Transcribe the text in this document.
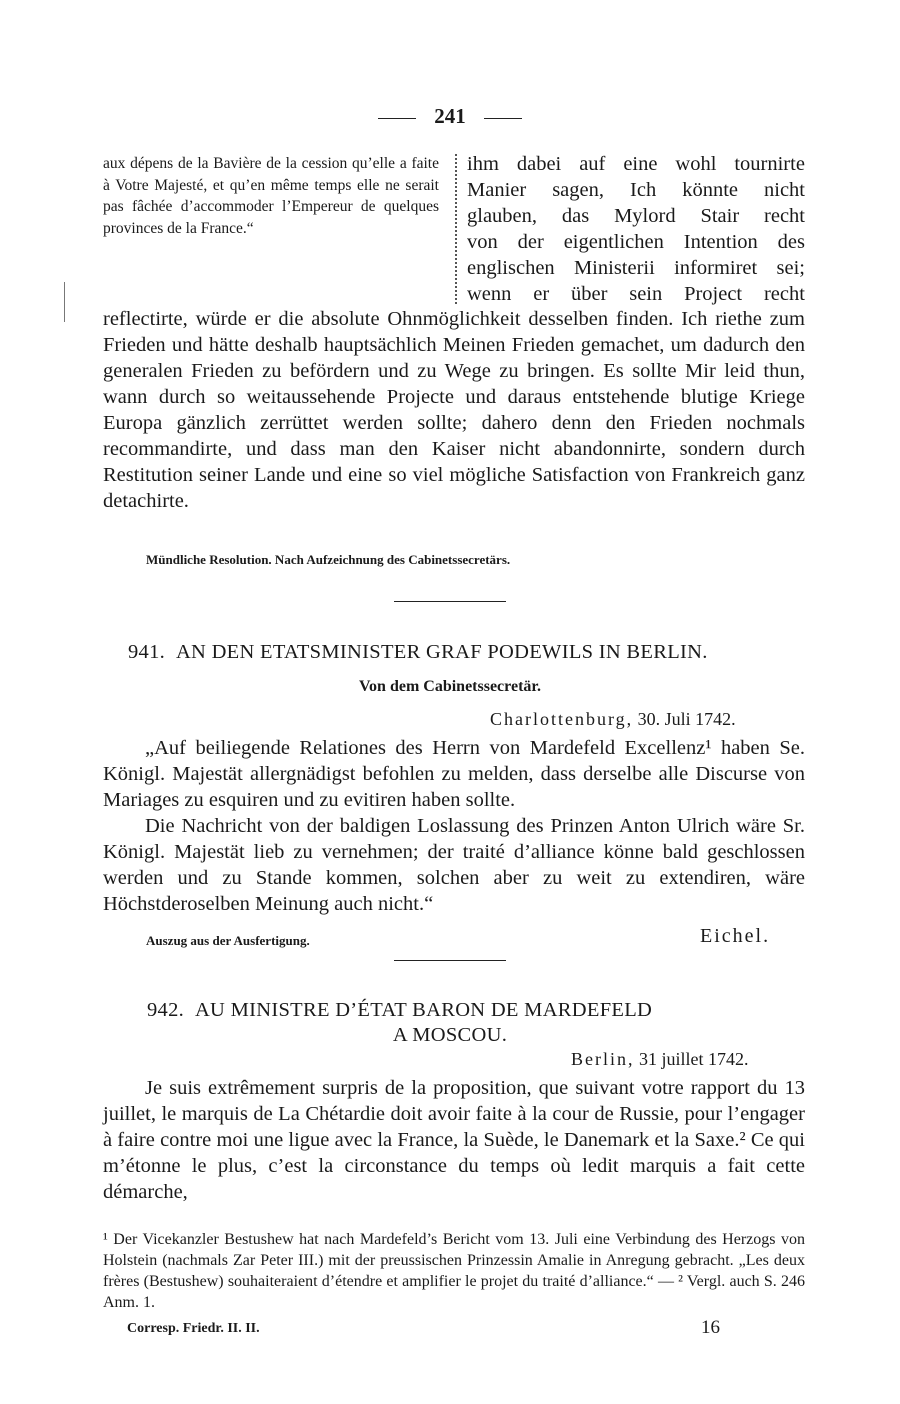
241
aux dépens de la Bavière de la cession qu’elle a faite à Votre Majesté, et qu’en même temps elle ne serait pas fâchée d’accommoder l’Empereur de quelques provinces de la France.“
ihm dabei auf eine wohl tournirte
Manier sagen, Ich könnte nicht
glauben, das Mylord Stair recht
von der eigentlichen Intention des
englischen Ministerii informiret sei;
wenn er über sein Project recht
reflectirte, würde er die absolute Ohnmöglichkeit desselben finden. Ich riethe zum Frieden und hätte deshalb hauptsächlich Meinen Frieden gemachet, um dadurch den generalen Frieden zu befördern und zu Wege zu bringen. Es sollte Mir leid thun, wann durch so weitaussehende Projecte und daraus entstehende blutige Kriege Europa gänzlich zerrüttet werden sollte; dahero denn den Frieden nochmals recommandirte, und dass man den Kaiser nicht abandonnirte, sondern durch Restitution seiner Lande und eine so viel mögliche Satisfaction von Frankreich ganz detachirte.
Mündliche Resolution. Nach Aufzeichnung des Cabinetssecretärs.
941. AN DEN ETATSMINISTER GRAF PODEWILS IN BERLIN.
Von dem Cabinetssecretär.
Charlottenburg, 30. Juli 1742.
„Auf beiliegende Relationes des Herrn von Mardefeld Excellenz¹ haben Se. Königl. Majestät allergnädigst befohlen zu melden, dass derselbe alle Discurse von Mariages zu esquiren und zu evitiren haben sollte.
Die Nachricht von der baldigen Loslassung des Prinzen Anton Ulrich wäre Sr. Königl. Majestät lieb zu vernehmen; der traité d’alliance könne bald geschlossen werden und zu Stande kommen, solchen aber zu weit zu extendiren, wäre Höchstderoselben Meinung auch nicht.“
Auszug aus der Ausfertigung.	Eichel.
942. AU MINISTRE D’ÉTAT BARON DE MARDEFELD
A MOSCOU.
Berlin, 31 juillet 1742.
Je suis extrêmement surpris de la proposition, que suivant votre rapport du 13 juillet, le marquis de La Chétardie doit avoir faite à la cour de Russie, pour l’engager à faire contre moi une ligue avec la France, la Suède, le Danemark et la Saxe.² Ce qui m’étonne le plus, c’est la circonstance du temps où ledit marquis a fait cette démarche,
¹ Der Vicekanzler Bestushew hat nach Mardefeld’s Bericht vom 13. Juli eine Verbindung des Herzogs von Holstein (nachmals Zar Peter III.) mit der preussischen Prinzessin Amalie in Anregung gebracht. „Les deux frères (Bestushew) souhaiteraient d’étendre et amplifier le projet du traité d’alliance.“ — ² Vergl. auch S. 246 Anm. 1.
Corresp. Friedr. II. II.	16
